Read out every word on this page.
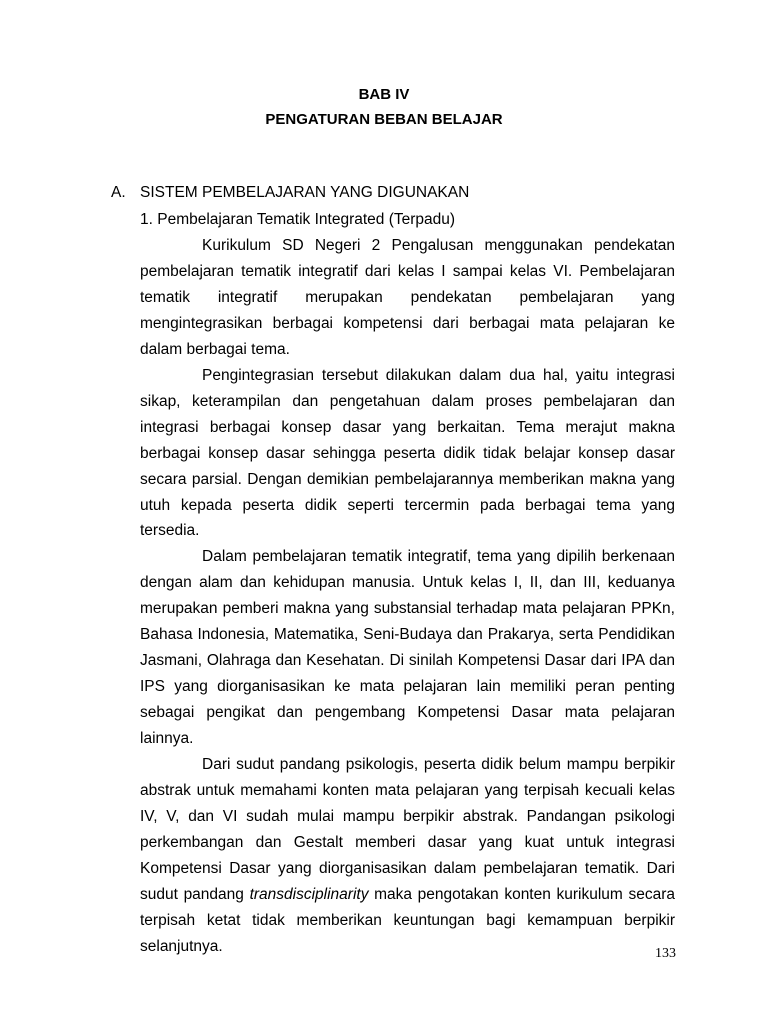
BAB IV
PENGATURAN BEBAN BELAJAR
A. SISTEM PEMBELAJARAN YANG DIGUNAKAN
1. Pembelajaran Tematik Integrated (Terpadu)

Kurikulum SD Negeri 2 Pengalusan menggunakan pendekatan pembelajaran tematik integratif dari kelas I sampai kelas VI. Pembelajaran tematik integratif merupakan pendekatan pembelajaran yang mengintegrasikan berbagai kompetensi dari berbagai mata pelajaran ke dalam berbagai tema.

Pengintegrasian tersebut dilakukan dalam dua hal, yaitu integrasi sikap, keterampilan dan pengetahuan dalam proses pembelajaran dan integrasi berbagai konsep dasar yang berkaitan. Tema merajut makna berbagai konsep dasar sehingga peserta didik tidak belajar konsep dasar secara parsial. Dengan demikian pembelajarannya memberikan makna yang utuh kepada peserta didik seperti tercermin pada berbagai tema yang tersedia.

Dalam pembelajaran tematik integratif, tema yang dipilih berkenaan dengan alam dan kehidupan manusia. Untuk kelas I, II, dan III, keduanya merupakan pemberi makna yang substansial terhadap mata pelajaran PPKn, Bahasa Indonesia, Matematika, Seni-Budaya dan Prakarya, serta Pendidikan Jasmani, Olahraga dan Kesehatan. Di sinilah Kompetensi Dasar dari IPA dan IPS yang diorganisasikan ke mata pelajaran lain memiliki peran penting sebagai pengikat dan pengembang Kompetensi Dasar mata pelajaran lainnya.

Dari sudut pandang psikologis, peserta didik belum mampu berpikir abstrak untuk memahami konten mata pelajaran yang terpisah kecuali kelas IV, V, dan VI sudah mulai mampu berpikir abstrak. Pandangan psikologi perkembangan dan Gestalt memberi dasar yang kuat untuk integrasi Kompetensi Dasar yang diorganisasikan dalam pembelajaran tematik. Dari sudut pandang transdisciplinarity maka pengotakan konten kurikulum secara terpisah ketat tidak memberikan keuntungan bagi kemampuan berpikir selanjutnya.	133
